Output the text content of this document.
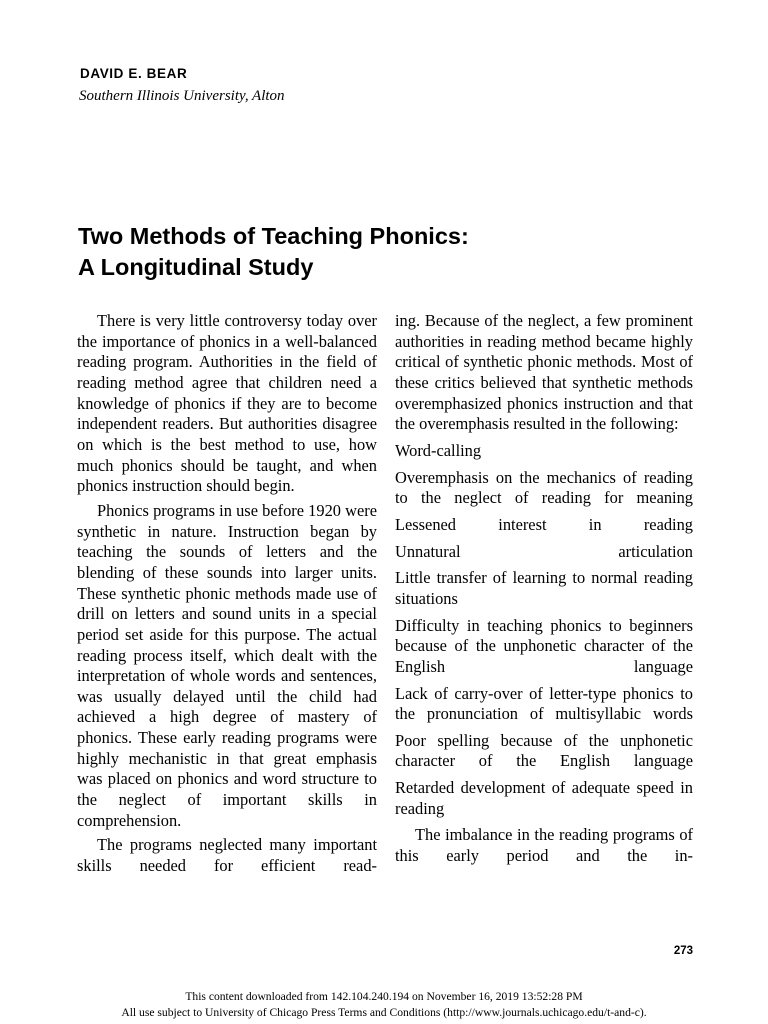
DAVID E. BEAR
Southern Illinois University, Alton
Two Methods of Teaching Phonics:
A Longitudinal Study

There is very little controversy today over the importance of phonics in a well-balanced reading program. Authorities in the field of reading method agree that children need a knowledge of phonics if they are to become independent readers. But authorities disagree on which is the best method to use, how much phonics should be taught, and when phonics instruction should begin.

Phonics programs in use before 1920 were synthetic in nature. Instruction began by teaching the sounds of letters and the blending of these sounds into larger units. These synthetic phonic methods made use of drill on letters and sound units in a special period set aside for this purpose. The actual reading process itself, which dealt with the interpretation of whole words and sentences, was usually delayed until the child had achieved a high degree of mastery of phonics. These early reading programs were highly mechanistic in that great emphasis was placed on phonics and word structure to the neglect of important skills in comprehension.

The programs neglected many important skills needed for efficient read-

ing. Because of the neglect, a few prominent authorities in reading method became highly critical of synthetic phonic methods. Most of these critics believed that synthetic methods overemphasized phonics instruction and that the overemphasis resulted in the following:

Word-calling

Overemphasis on the mechanics of reading to the neglect of reading for meaning

Lessened interest in reading

Unnatural articulation

Little transfer of learning to normal reading situations

Difficulty in teaching phonics to beginners because of the unphonetic character of the English language

Lack of carry-over of letter-type phonics to the pronunciation of multisyllabic words

Poor spelling because of the unphonetic character of the English language

Retarded development of adequate speed in reading

The imbalance in the reading programs of this early period and the in-

273
This content downloaded from 142.104.240.194 on November 16, 2019 13:52:28 PM
All use subject to University of Chicago Press Terms and Conditions (http://www.journals.uchicago.edu/t-and-c).
